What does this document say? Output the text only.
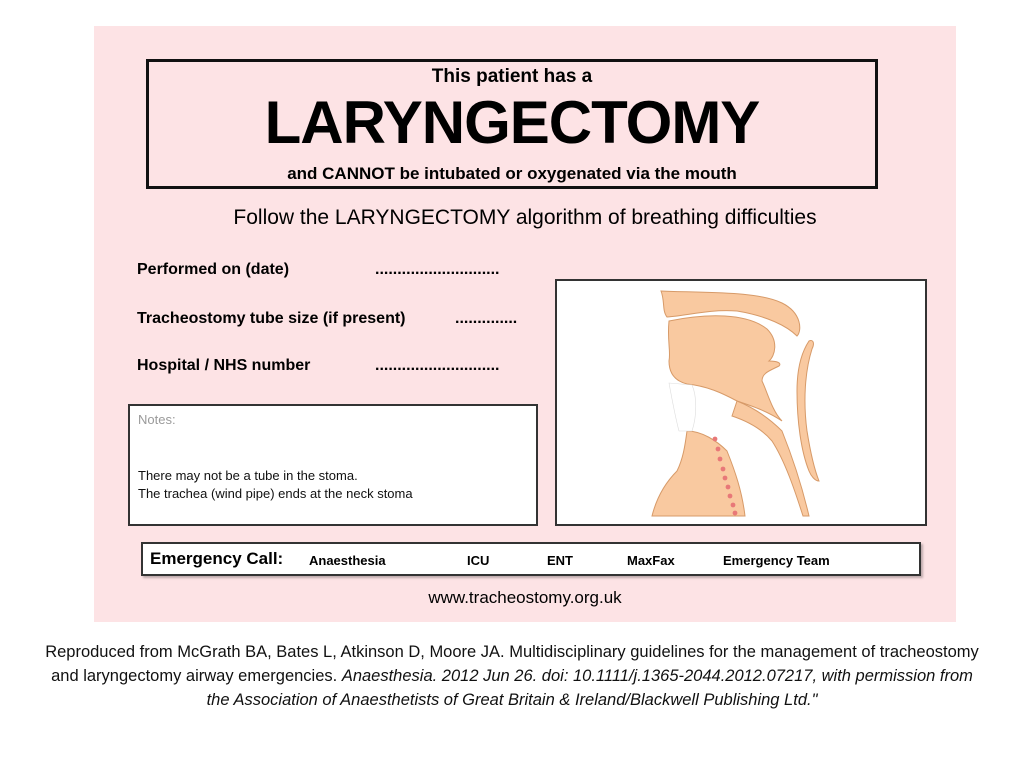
This patient has a
LARYNGECTOMY
and CANNOT be intubated or oxygenated via the mouth
Follow the LARYNGECTOMY algorithm of breathing difficulties
Performed on (date)	............................
Tracheostomy tube size (if present)	..............
Hospital / NHS number	............................
Notes:
There may not be a tube in the stoma.
The trachea (wind pipe) ends at the neck stoma
Emergency Call: Anaesthesia	ICU	ENT	MaxFax	Emergency Team
www.tracheostomy.org.uk
Reproduced from McGrath BA, Bates L, Atkinson D, Moore JA. Multidisciplinary guidelines for the management of tracheostomy and laryngectomy airway emergencies. Anaesthesia. 2012 Jun 26. doi: 10.1111/j.1365-2044.2012.07217, with permission from the Association of Anaesthetists of Great Britain & Ireland/Blackwell Publishing Ltd."
